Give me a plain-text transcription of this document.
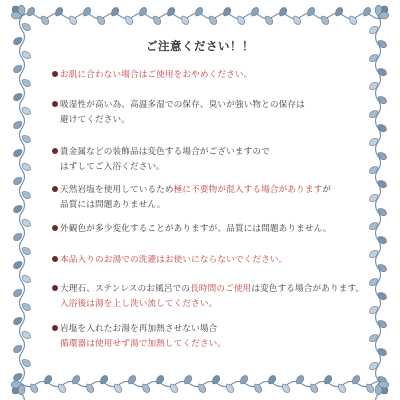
ご注意ください！！
お肌に合わない場合はご使用をおやめください。
吸湿性が高い為、高温多湿での保存、臭いが強い物との保存は
避けてください。
貴金属などの装飾品は変色する場合がございますので
はずしてご入浴ください。
天然岩塩を使用しているため極に不要物が混入する場合がありますが
品質には問題ありません。
外観色が多少変化することがありますが、品質には問題ありません。
本品入りのお湯での洗濯はお使いにならないでください。
大理石、ステンレスのお風呂での長時間のご使用は変色する場合があります。
入浴後は湯を上し洗い流してください。
岩塩を入れたお湯を再加熱させない場合
循環器は使用せず湯で加熱してください。
